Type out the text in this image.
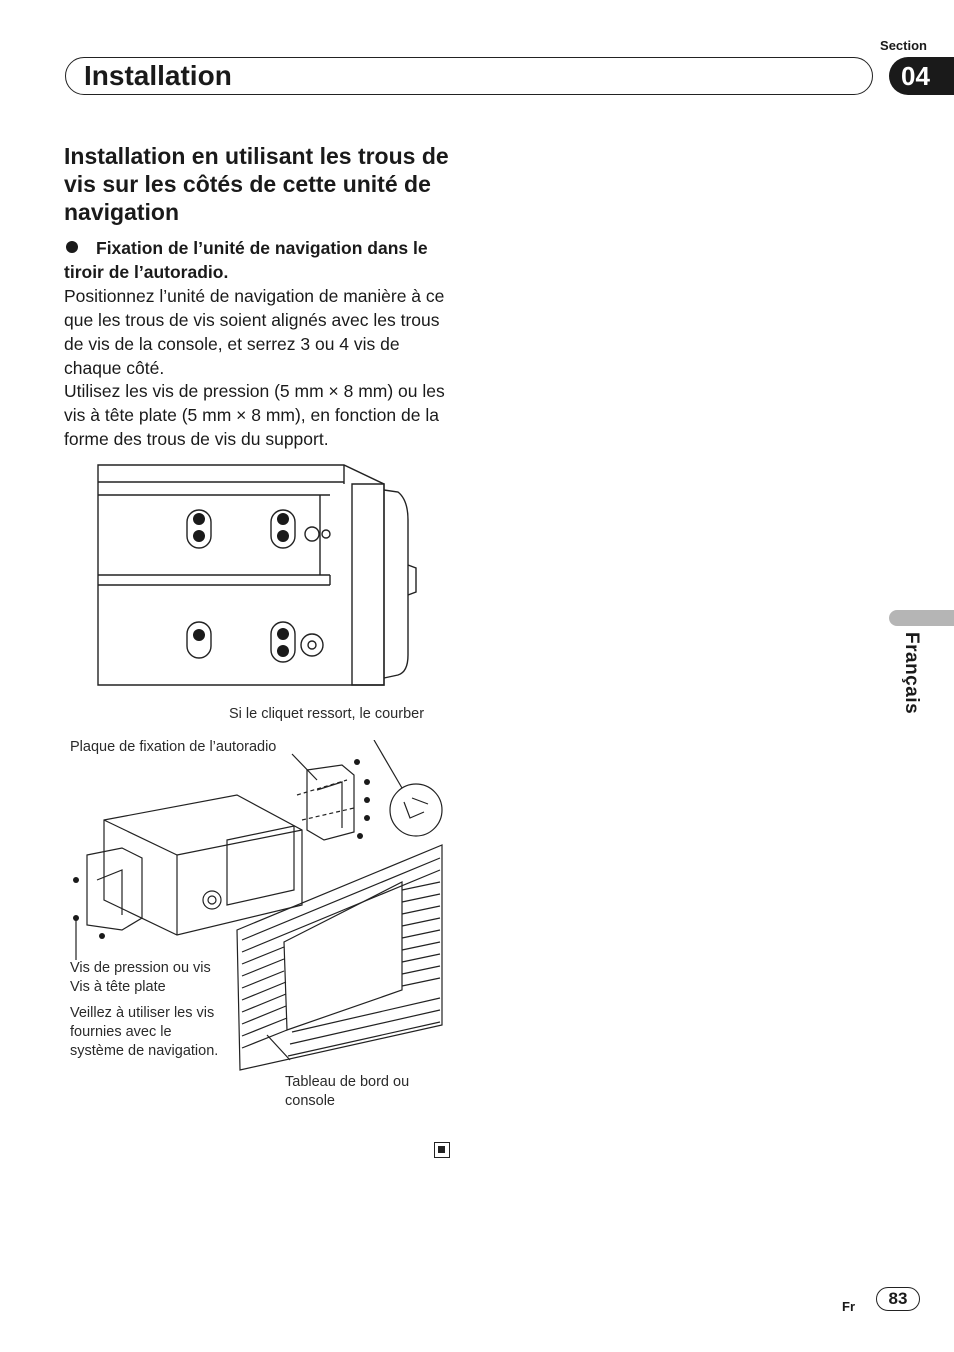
Section
Installation	04
Français
Installation en utilisant les trous de vis sur les côtés de cette unité de navigation
Fixation de l’unité de navigation dans le tiroir de l’autoradio.
Positionnez l’unité de navigation de manière à ce que les trous de vis soient alignés avec les trous de vis de la console, et serrez 3 ou 4 vis de chaque côté.
Utilisez les vis de pression (5 mm × 8 mm) ou les vis à tête plate (5 mm × 8 mm), en fonction de la forme des trous de vis du support.
Si le cliquet ressort, le courber
Plaque de fixation de l’autoradio
Vis de pression ou vis
Vis à tête plate
Veillez à utiliser les vis
fournies avec le
système de navigation.
Tableau de bord ou
console
Fr	83
